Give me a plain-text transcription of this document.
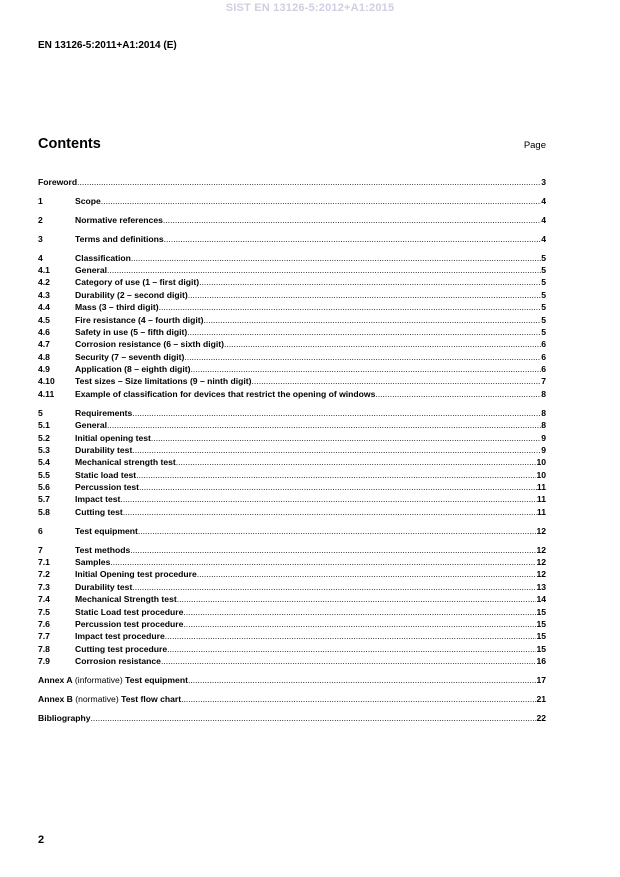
SIST EN 13126-5:2012+A1:2015
EN 13126-5:2011+A1:2014 (E)
Contents	Page
Foreword .....	3
1	Scope .....	4
2	Normative references .....	4
3	Terms and definitions .....	4
4	Classification .....	5
4.1	General .....	5
4.2	Category of use (1 – first digit) .....	5
4.3	Durability (2 – second digit) .....	5
4.4	Mass (3 – third digit) .....	5
4.5	Fire resistance (4 – fourth digit) .....	5
4.6	Safety in use (5 – fifth digit) .....	5
4.7	Corrosion resistance (6 – sixth digit) .....	6
4.8	Security (7 – seventh digit) .....	6
4.9	Application (8 – eighth digit) .....	6
4.10	Test sizes – Size limitations (9 – ninth digit) .....	7
4.11	Example of classification for devices that restrict the opening of windows .....	8
5	Requirements .....	8
5.1	General .....	8
5.2	Initial opening test .....	9
5.3	Durability test .....	9
5.4	Mechanical strength test .....	10
5.5	Static load test .....	10
5.6	Percussion test .....	11
5.7	Impact test .....	11
5.8	Cutting test .....	11
6	Test equipment .....	12
7	Test methods .....	12
7.1	Samples .....	12
7.2	Initial Opening test procedure .....	12
7.3	Durability test .....	13
7.4	Mechanical Strength test .....	14
7.5	Static Load test procedure .....	15
7.6	Percussion test procedure .....	15
7.7	Impact test procedure .....	15
7.8	Cutting test procedure .....	15
7.9	Corrosion resistance .....	16
Annex A (informative) Test equipment .....	17
Annex B (normative) Test flow chart .....	21
Bibliography .....	22
2
